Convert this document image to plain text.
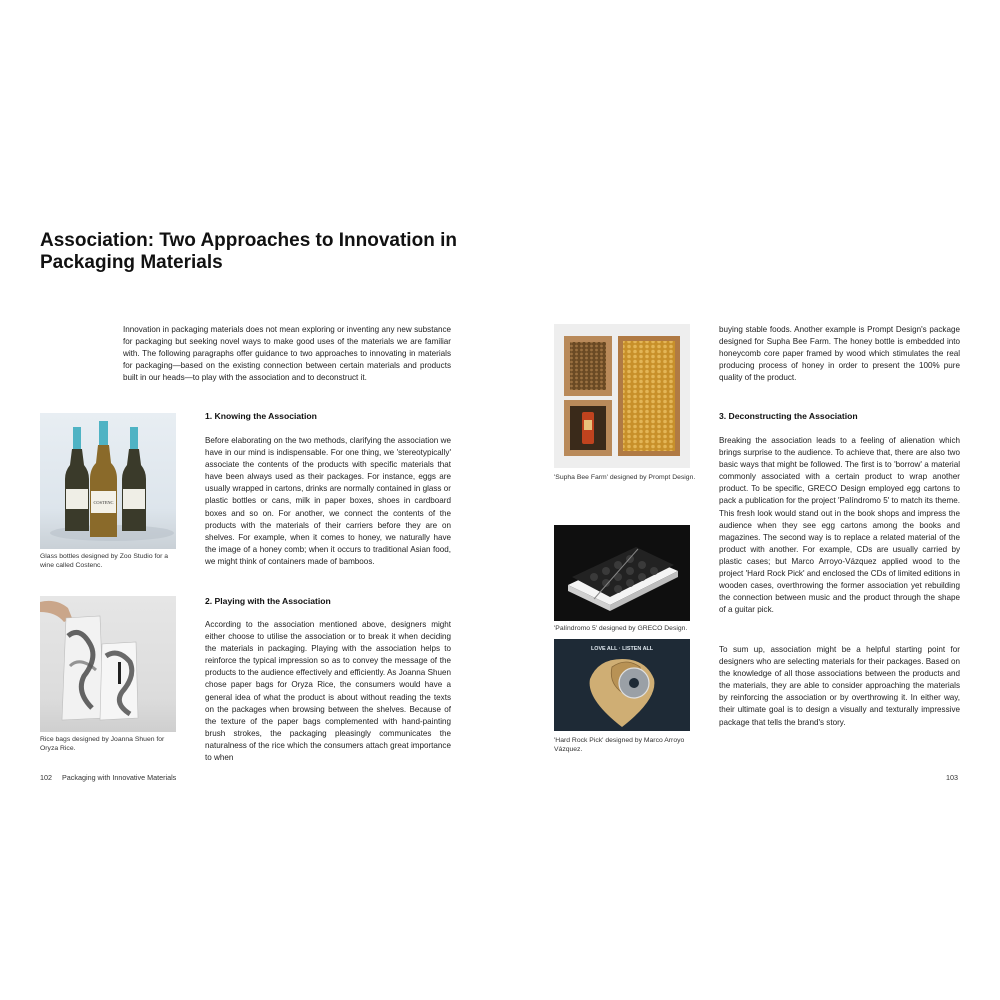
Association: Two Approaches to Innovation in Packaging Materials

Innovation in packaging materials does not mean exploring or inventing any new substance for packaging but seeking novel ways to make good uses of the materials we are familiar with. The following paragraphs offer guidance to two approaches to innovating in materials for packaging—based on the existing connection between certain materials and products built in our heads—to play with the association and to deconstruct it.

COSTENC

Glass bottles designed by Zoo Studio for a wine called Costenc.

1. Knowing the Association

Before elaborating on the two methods, clarifying the association we have in our mind is indispensable. For one thing, we 'stereotypically' associate the contents of the products with specific materials that have been always used as their packages. For instance, eggs are usually wrapped in cartons, drinks are normally contained in glass or plastic bottles or cans, milk in paper boxes, shoes in cardboard boxes and so on. For another, we connect the contents of the products with the materials of their carriers before they are on shelves. For example, when it comes to honey, we naturally have the image of a honey comb; when it occurs to traditional Asian food, we might think of containers made of bamboos.

Rice bags designed by Joanna Shuen for Oryza Rice.

2. Playing with the Association

According to the association mentioned above, designers might either choose to utilise the association or to break it when deciding the materials in packaging. Playing with the association helps to reinforce the typical impression so as to convey the message of the products to the audience effectively and efficiently. As Joanna Shuen chose paper bags for Oryza Rice, the consumers would have a general idea of what the product is about without reading the texts on the packages when browsing between the shelves. Because of the texture of the paper bags complemented with hand-painting brush strokes, the packaging pleasingly communicates the naturalness of the rice which the consumers attach great importance to when

'Supha Bee Farm' designed by Prompt Design.

buying stable foods. Another example is Prompt Design's package designed for Supha Bee Farm. The honey bottle is embedded into honeycomb core paper framed by wood which stimulates the real producing process of honey in order to present the 100% pure quality of the product.

3. Deconstructing the Association

Breaking the association leads to a feeling of alienation which brings surprise to the audience. To achieve that, there are also two basic ways that might be followed. The first is to 'borrow' a material commonly associated with a certain product to wrap another product. To be specific, GRECO Design employed egg cartons to pack a publication for the project 'Palíndromo 5' to match its theme. This fresh look would stand out in the book shops and impress the audience when they see egg cartons among the books and magazines. The second way is to replace a related material of the product with another. For example, CDs are usually carried by plastic cases; but Marco Arroyo-Vázquez applied wood to the project 'Hard Rock Pick' and enclosed the CDs of limited editions in wooden cases, overthrowing the former association yet rebuilding the connection between music and the product through the shape of a guitar pick.

'Palíndromo 5' designed by GRECO Design.

LOVE ALL · LISTEN ALL

'Hard Rock Pick' designed by Marco Arroyo Vázquez.

To sum up, association might be a helpful starting point for designers who are selecting materials for their packages. Based on the knowledge of all those associations between the products and the materials, they are able to consider approaching the materials by reinforcing the association or by overthrowing it. In either way, their ultimate goal is to design a visually and texturally impressive package that tells the brand's story.

102 Packaging with Innovative Materials	103
